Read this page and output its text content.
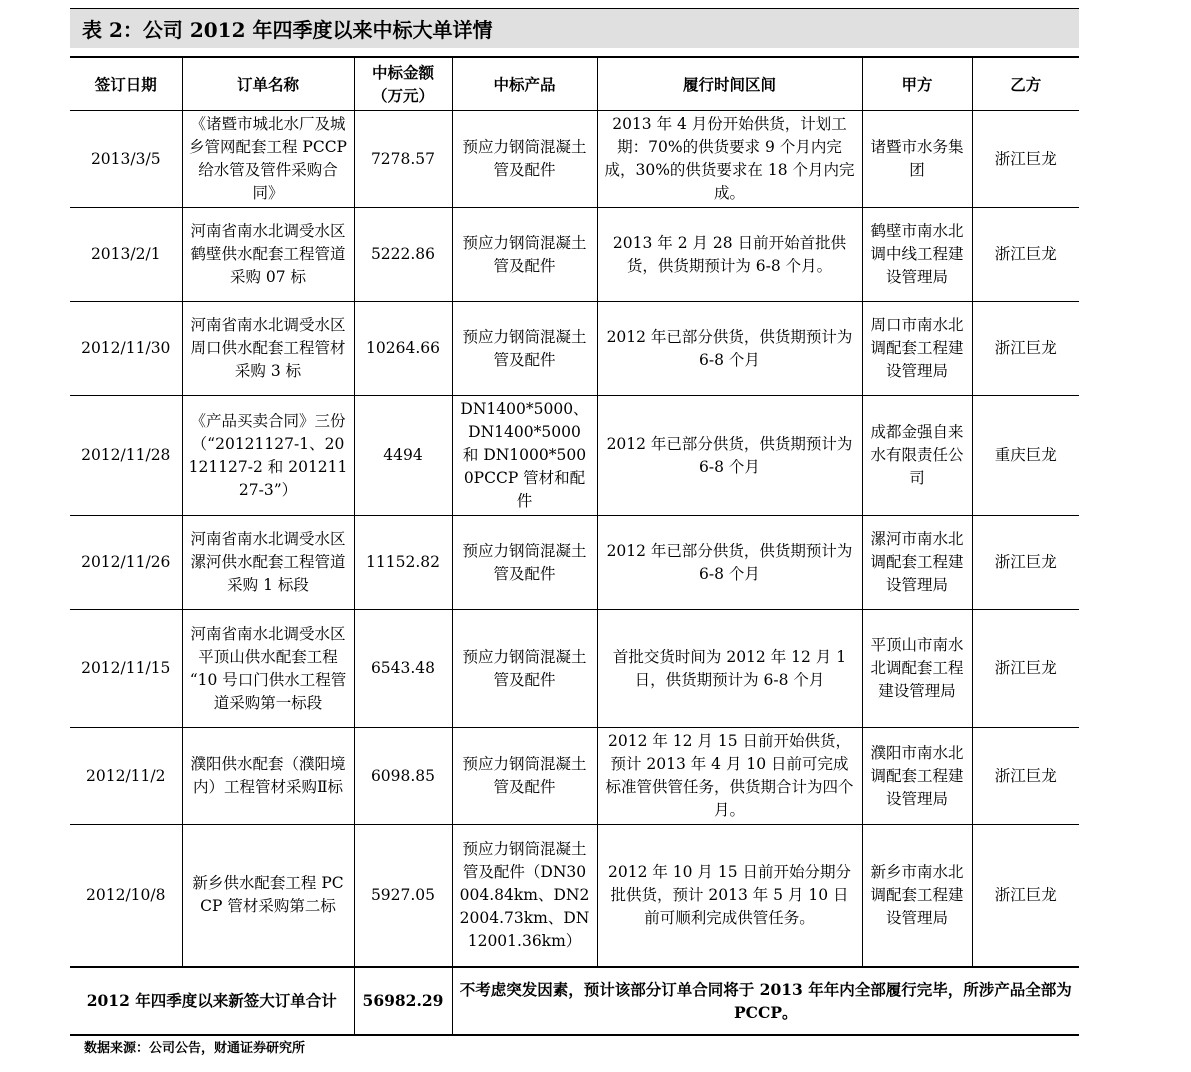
表 2：公司 2012 年四季度以来中标大单详情
签订日期	订单名称	中标金额（万元）	中标产品	履行时间区间	甲方	乙方
2013/3/5	《诸暨市城北水厂及城乡管网配套工程 PCCP 给水管及管件采购合同》	7278.57	预应力钢筒混凝土管及配件	2013 年 4 月份开始供货，计划工期：70%的供货要求 9 个月内完成，30%的供货要求在 18 个月内完成。	诸暨市水务集团	浙江巨龙
2013/2/1	河南省南水北调受水区鹤壁供水配套工程管道采购 07 标	5222.86	预应力钢筒混凝土管及配件	2013 年 2 月 28 日前开始首批供货，供货期预计为 6-8 个月。	鹤壁市南水北调中线工程建设管理局	浙江巨龙
2012/11/30	河南省南水北调受水区周口供水配套工程管材采购 3 标	10264.66	预应力钢筒混凝土管及配件	2012 年已部分供货，供货期预计为 6-8 个月	周口市南水北调配套工程建设管理局	浙江巨龙
2012/11/28	《产品买卖合同》三份（“20121127-1、20121127-2 和 20121127-3”）	4494	DN1400*5000、DN1400*5000 和 DN1000*5000PCCP 管材和配件	2012 年已部分供货，供货期预计为 6-8 个月	成都金强自来水有限责任公司	重庆巨龙
2012/11/26	河南省南水北调受水区漯河供水配套工程管道采购 1 标段	11152.82	预应力钢筒混凝土管及配件	2012 年已部分供货，供货期预计为 6-8 个月	漯河市南水北调配套工程建设管理局	浙江巨龙
2012/11/15	河南省南水北调受水区平顶山供水配套工程 “10 号口门供水工程管道采购第一标段	6543.48	预应力钢筒混凝土管及配件	首批交货时间为 2012 年 12 月 1 日，供货期预计为 6-8 个月	平顶山市南水北调配套工程建设管理局	浙江巨龙
2012/11/2	濮阳供水配套（濮阳境内）工程管材采购Ⅱ标	6098.85	预应力钢筒混凝土管及配件	2012 年 12 月 15 日前开始供货，预计 2013 年 4 月 10 日前可完成标准管供管任务，供货期合计为四个月。	濮阳市南水北调配套工程建设管理局	浙江巨龙
2012/10/8	新乡供水配套工程 PCCP 管材采购第二标	5927.05	预应力钢筒混凝土管及配件（DN30004.84km、DN22004.73km、DN12001.36km）	2012 年 10 月 15 日前开始分期分批供货，预计 2013 年 5 月 10 日前可顺利完成供管任务。	新乡市南水北调配套工程建设管理局	浙江巨龙
2012 年四季度以来新签大订单合计		56982.29	不考虑突发因素，预计该部分订单合同将于 2013 年年内全部履行完毕，所涉产品全部为 PCCP。			
数据来源：公司公告，财通证券研究所
